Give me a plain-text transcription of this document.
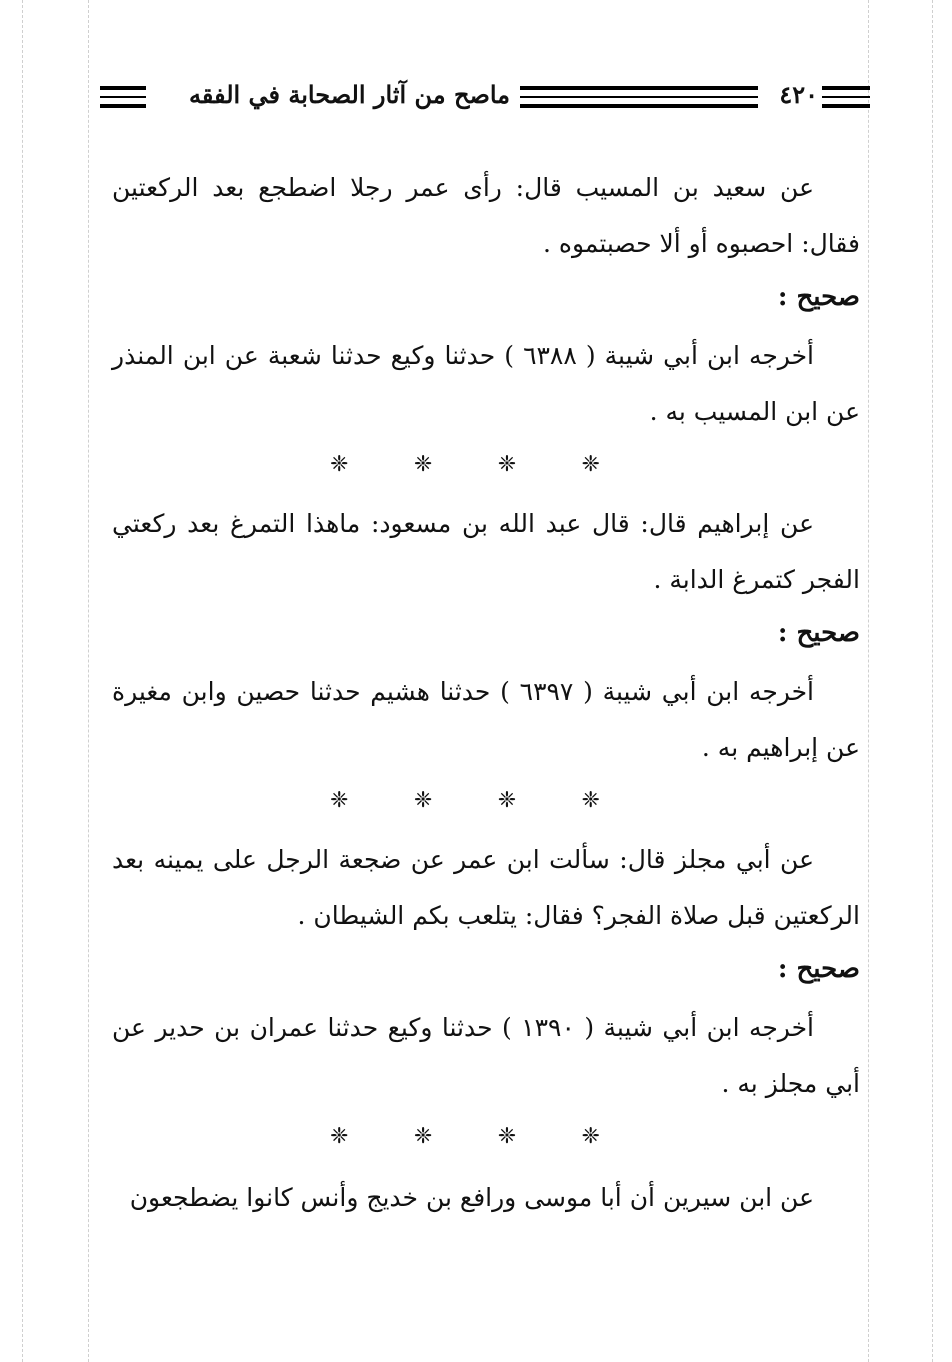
٤٢٠
ماصح من آثار الصحابة في الفقه
عن سعيد بن المسيب قال: رأى عمر رجلا اضطجع بعد الركعتين فقال: احصبوه أو ألا حصبتموه .
صحيح :
أخرجه ابن أبي شيبة ( ٦٣٨٨ ) حدثنا وكيع حدثنا شعبة عن ابن المنذر عن ابن المسيب به .
❈	❈	❈	❈
عن إبراهيم قال: قال عبد الله بن مسعود: ماهذا التمرغ بعد ركعتي الفجر كتمرغ الدابة .
صحيح :
أخرجه ابن أبي شيبة ( ٦٣٩٧ ) حدثنا هشيم حدثنا حصين وابن مغيرة عن إبراهيم به .
❈	❈	❈	❈
عن أبي مجلز قال: سألت ابن عمر عن ضجعة الرجل على يمينه بعد الركعتين قبل صلاة الفجر؟ فقال: يتلعب بكم الشيطان .
صحيح :
أخرجه ابن أبي شيبة ( ١٣٩٠ ) حدثنا وكيع حدثنا عمران بن حدير عن أبي مجلز به .
❈	❈	❈	❈
عن ابن سيرين أن أبا موسى ورافع بن خديج وأنس كانوا يضطجعون
